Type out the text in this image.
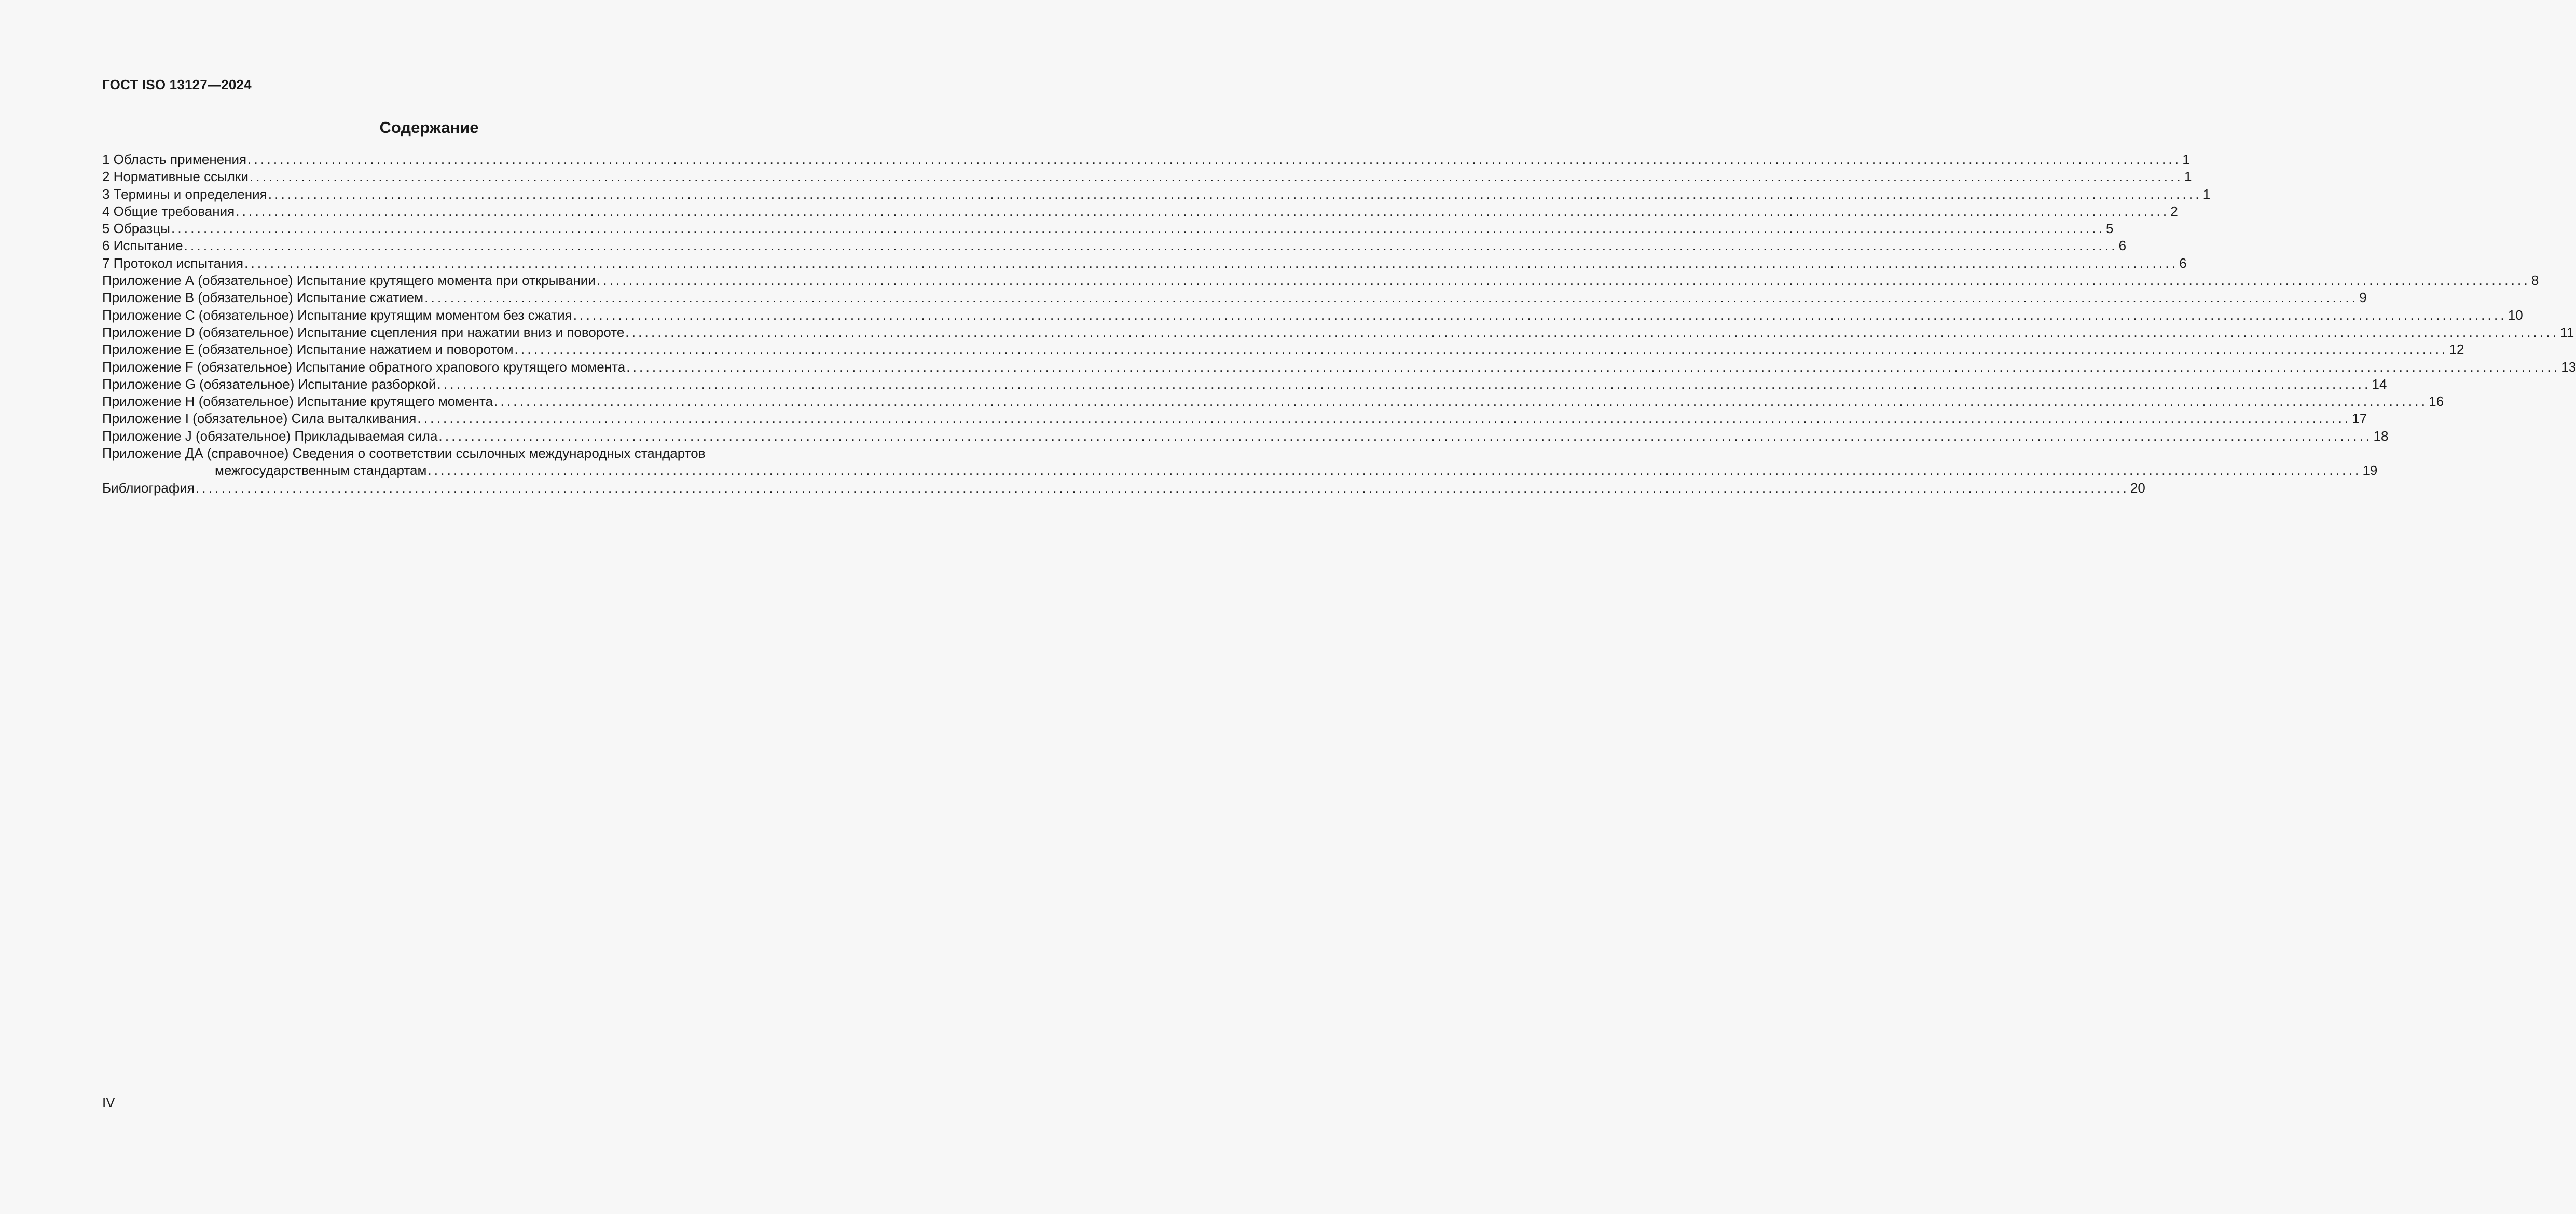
ГОСТ ISO 13127—2024
Содержание
1 Область применения ............................................................................................................................................................................................................................................................................................................ 1
2 Нормативные ссылки ............................................................................................................................................................................................................................................................................................................ 1
3 Термины и определения ............................................................................................................................................................................................................................................................................................................ 1
4 Общие требования ............................................................................................................................................................................................................................................................................................................ 2
5 Образцы ............................................................................................................................................................................................................................................................................................................ 5
6 Испытание ............................................................................................................................................................................................................................................................................................................ 6
7 Протокол испытания ............................................................................................................................................................................................................................................................................................................ 6
Приложение А (обязательное) Испытание крутящего момента при открывании ............................................................................................................................................................................................................................................................................................................ 8
Приложение В (обязательное) Испытание сжатием ............................................................................................................................................................................................................................................................................................................ 9
Приложение С (обязательное) Испытание крутящим моментом без сжатия ............................................................................................................................................................................................................................................................................................................ 10
Приложение D (обязательное) Испытание сцепления при нажатии вниз и повороте ............................................................................................................................................................................................................................................................................................................ 11
Приложение Е (обязательное) Испытание нажатием и поворотом ............................................................................................................................................................................................................................................................................................................ 12
Приложение F (обязательное) Испытание обратного храпового крутящего момента ............................................................................................................................................................................................................................................................................................................ 13
Приложение G (обязательное) Испытание разборкой ............................................................................................................................................................................................................................................................................................................ 14
Приложение Н (обязательное) Испытание крутящего момента ............................................................................................................................................................................................................................................................................................................ 16
Приложение I (обязательное) Сила выталкивания ............................................................................................................................................................................................................................................................................................................ 17
Приложение J (обязательное) Прикладываемая сила ............................................................................................................................................................................................................................................................................................................ 18
Приложение ДА (справочное) Сведения о соответствии ссылочных международных стандартов
межгосударственным стандартам ............................................................................................................................................................................................................................................................................................................ 19
Библиография ............................................................................................................................................................................................................................................................................................................ 20
IV
